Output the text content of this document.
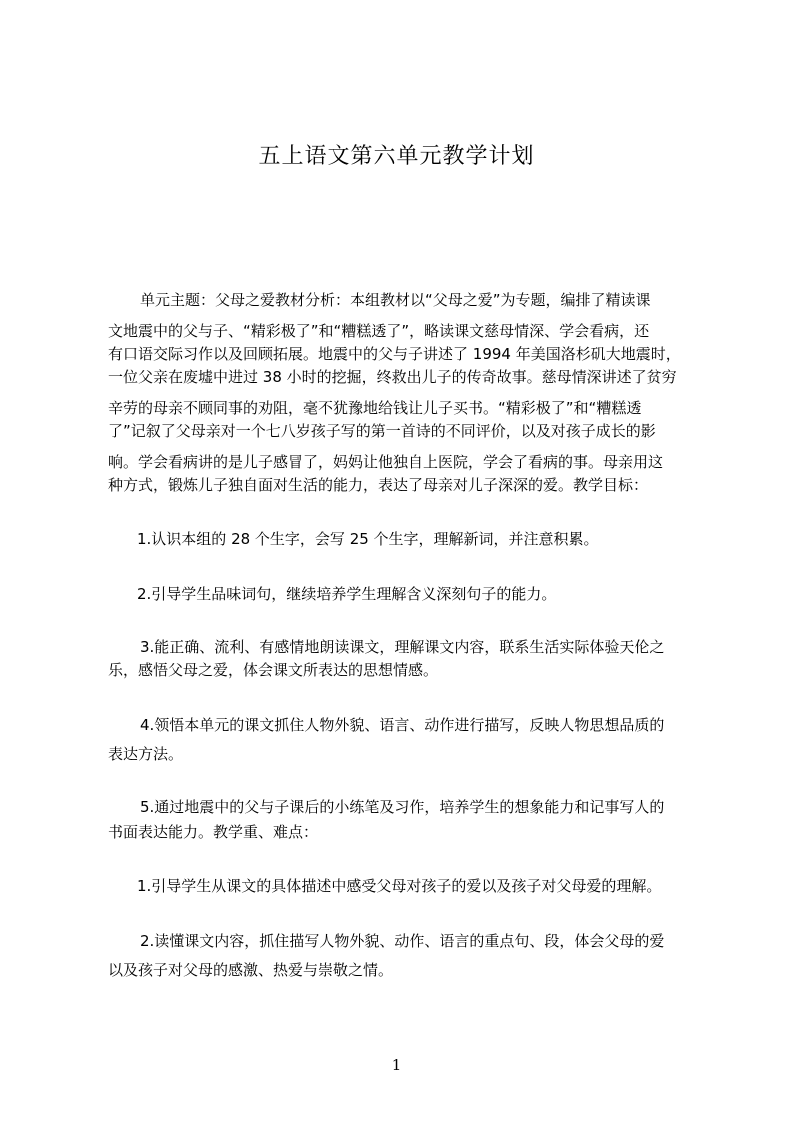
五上语文第六单元教学计划

单元主题：父母之爱教材分析：本组教材以“父母之爱”为专题，编排了精读课

文地震中的父与子、“精彩极了”和“糟糕透了”，略读课文慈母情深、学会看病，还

有口语交际习作以及回顾拓展。地震中的父与子讲述了 1994 年美国洛杉矶大地震时，

一位父亲在废墟中进过 38 小时的挖掘，终救出儿子的传奇故事。慈母情深讲述了贫穷

辛劳的母亲不顾同事的劝阻，毫不犹豫地给钱让儿子买书。“精彩极了”和“糟糕透

了”记叙了父母亲对一个七八岁孩子写的第一首诗的不同评价，以及对孩子成长的影

响。学会看病讲的是儿子感冒了，妈妈让他独自上医院，学会了看病的事。母亲用这

种方式，锻炼儿子独自面对生活的能力，表达了母亲对儿子深深的爱。教学目标：

1.认识本组的 28 个生字，会写 25 个生字，理解新词，并注意积累。

2.引导学生品味词句，继续培养学生理解含义深刻句子的能力。

3.能正确、流利、有感情地朗读课文，理解课文内容，联系生活实际体验天伦之

乐，感悟父母之爱，体会课文所表达的思想情感。

4.领悟本单元的课文抓住人物外貌、语言、动作进行描写，反映人物思想品质的

表达方法。

5.通过地震中的父与子课后的小练笔及习作，培养学生的想象能力和记事写人的

书面表达能力。教学重、难点：

1.引导学生从课文的具体描述中感受父母对孩子的爱以及孩子对父母爱的理解。

2.读懂课文内容，抓住描写人物外貌、动作、语言的重点句、段，体会父母的爱

以及孩子对父母的感激、热爱与崇敬之情。

1
